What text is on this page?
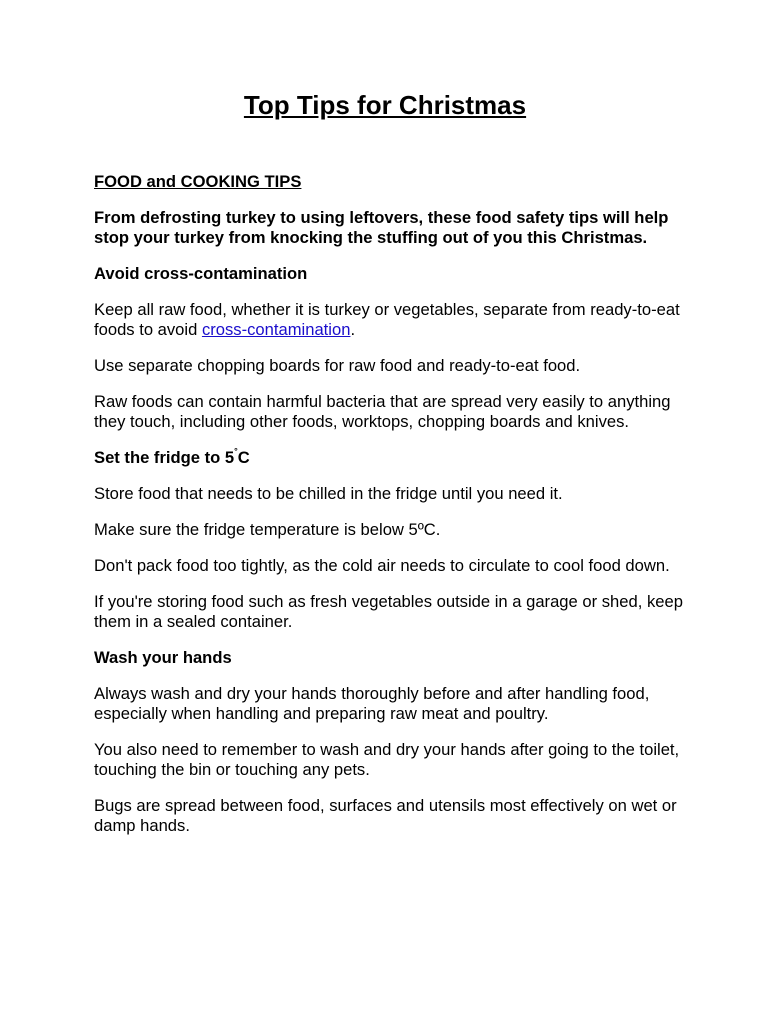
Top Tips for Christmas

FOOD and COOKING TIPS

From defrosting turkey to using leftovers, these food safety tips will help stop your turkey from knocking the stuffing out of you this Christmas.

Avoid cross-contamination

Keep all raw food, whether it is turkey or vegetables, separate from ready-to-eat foods to avoid cross-contamination.

Use separate chopping boards for raw food and ready-to-eat food.

Raw foods can contain harmful bacteria that are spread very easily to anything they touch, including other foods, worktops, chopping boards and knives.

Set the fridge to 5°C

Store food that needs to be chilled in the fridge until you need it.

Make sure the fridge temperature is below 5ºC.

Don't pack food too tightly, as the cold air needs to circulate to cool food down.

If you're storing food such as fresh vegetables outside in a garage or shed, keep them in a sealed container.

Wash your hands

Always wash and dry your hands thoroughly before and after handling food, especially when handling and preparing raw meat and poultry.

You also need to remember to wash and dry your hands after going to the toilet, touching the bin or touching any pets.

Bugs are spread between food, surfaces and utensils most effectively on wet or damp hands.
